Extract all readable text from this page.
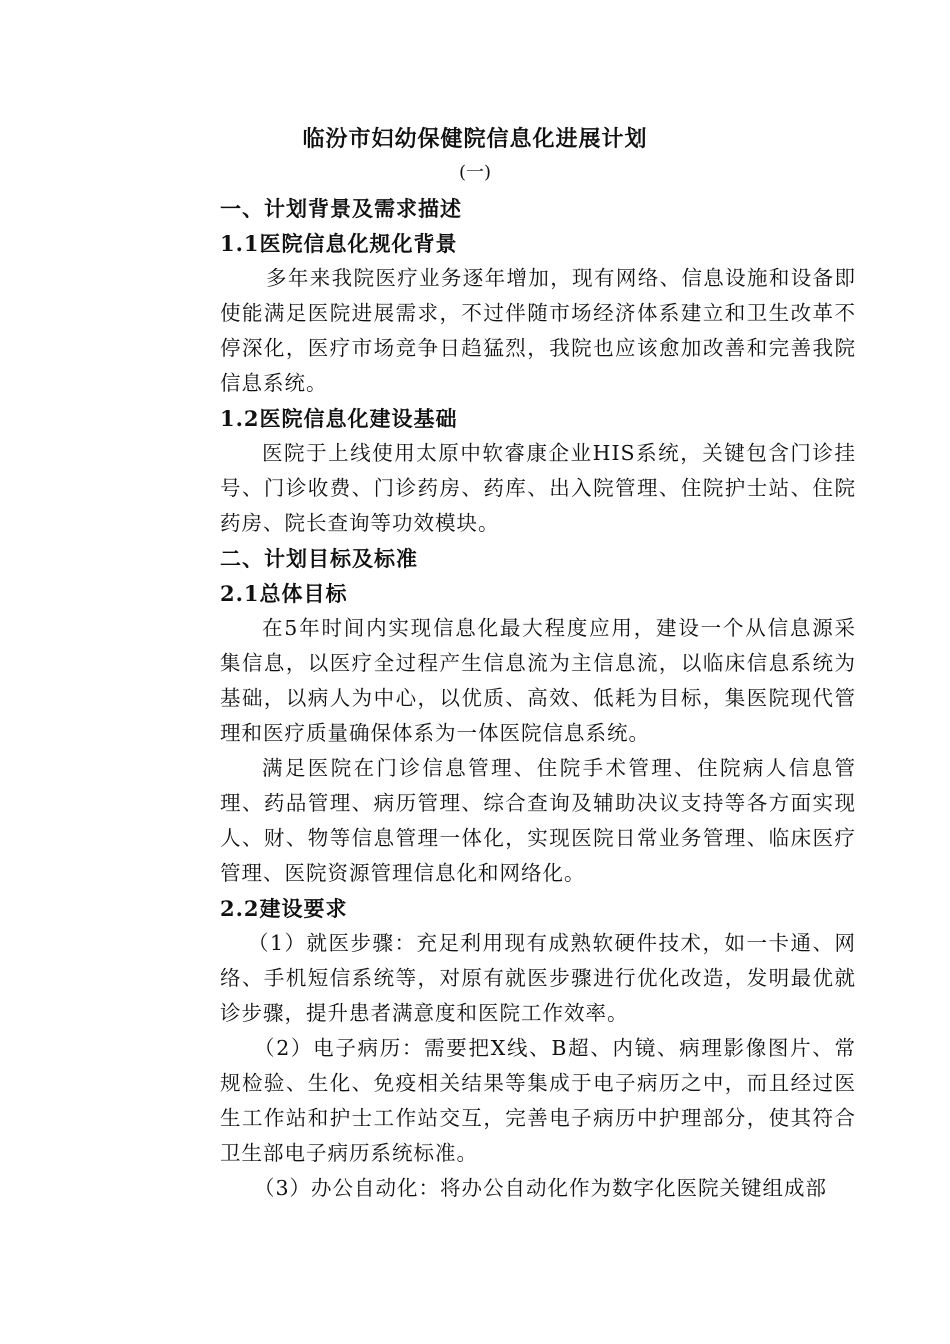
临汾市妇幼保健院信息化进展计划
(一)
一、计划背景及需求描述
1.1医院信息化规化背景
多年来我院医疗业务逐年增加，现有网络、信息设施和设备即使能满足医院进展需求，不过伴随市场经济体系建立和卫生改革不停深化，医疗市场竞争日趋猛烈，我院也应该愈加改善和完善我院信息系统。
1.2医院信息化建设基础
医院于上线使用太原中软睿康企业HIS系统，关键包含门诊挂号、门诊收费、门诊药房、药库、出入院管理、住院护士站、住院药房、院长查询等功效模块。
二、计划目标及标准
2.1总体目标
在5年时间内实现信息化最大程度应用，建设一个从信息源采集信息，以医疗全过程产生信息流为主信息流，以临床信息系统为基础，以病人为中心，以优质、高效、低耗为目标，集医院现代管理和医疗质量确保体系为一体医院信息系统。
满足医院在门诊信息管理、住院手术管理、住院病人信息管理、药品管理、病历管理、综合查询及辅助决议支持等各方面实现人、财、物等信息管理一体化，实现医院日常业务管理、临床医疗管理、医院资源管理信息化和网络化。
2.2建设要求
（1）就医步骤：充足利用现有成熟软硬件技术，如一卡通、网络、手机短信系统等，对原有就医步骤进行优化改造，发明最优就诊步骤，提升患者满意度和医院工作效率。
（2）电子病历：需要把X线、B超、内镜、病理影像图片、常规检验、生化、免疫相关结果等集成于电子病历之中，而且经过医生工作站和护士工作站交互，完善电子病历中护理部分，使其符合卫生部电子病历系统标准。
（3）办公自动化：将办公自动化作为数字化医院关键组成部
